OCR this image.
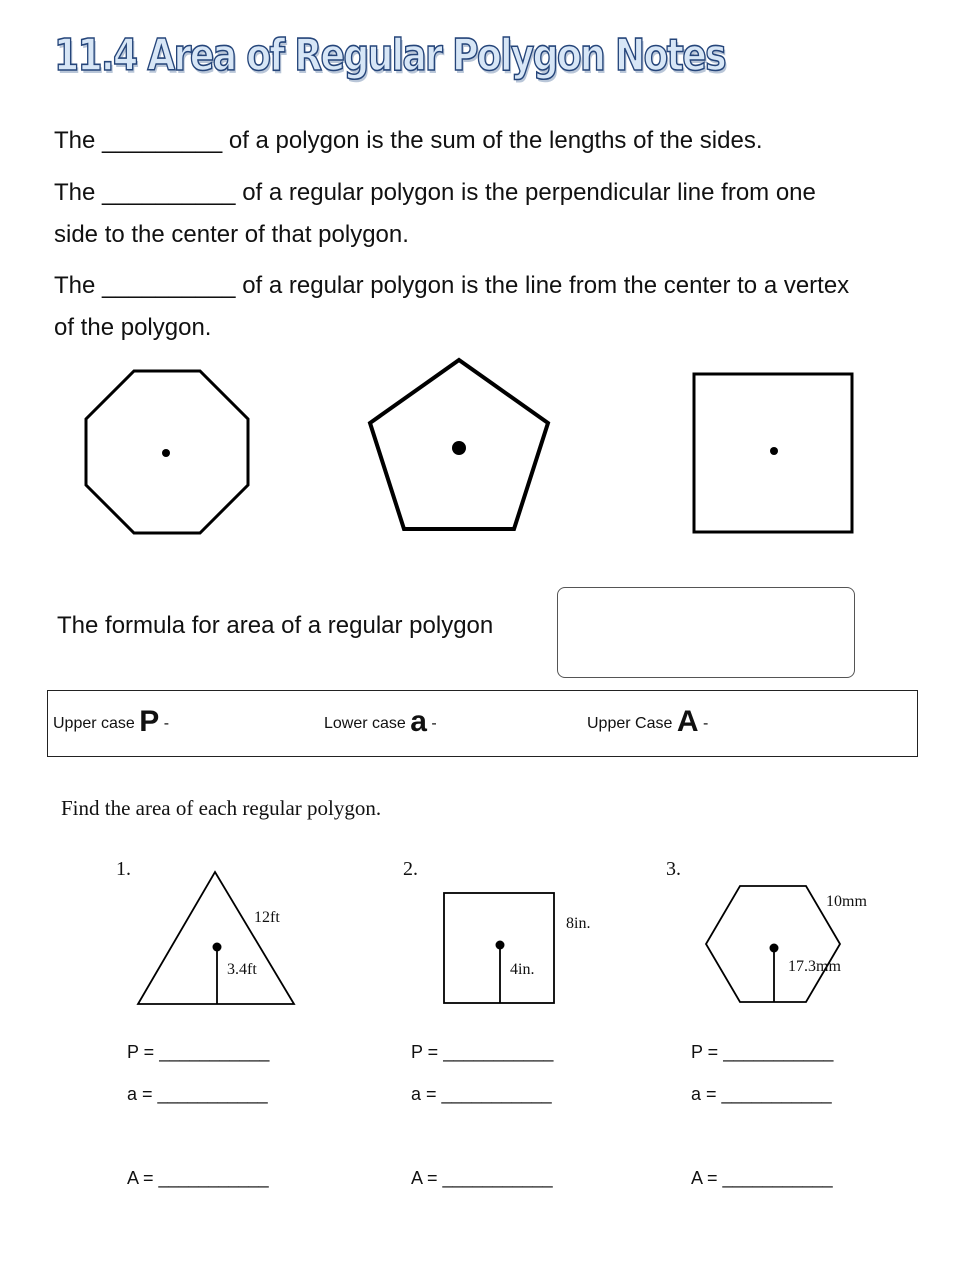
11.4 Area of Regular Polygon Notes
The _________ of a polygon is the sum of the lengths of the sides.
The __________ of a regular polygon is the perpendicular line from one
side to the center of that polygon.
The __________ of a regular polygon is the line from the center to a vertex
of the polygon.
The formula for area of a regular polygon
Upper case P -	Lower case a -	Upper Case A -
Find the area of each regular polygon.
1.
12ft
3.4ft
2.
8in.
4in.
3.
10mm
17.3mm
P = ___________
a = ___________
A = ___________
P = ___________
a = ___________
A = ___________
P = ___________
a = ___________
A = ___________
